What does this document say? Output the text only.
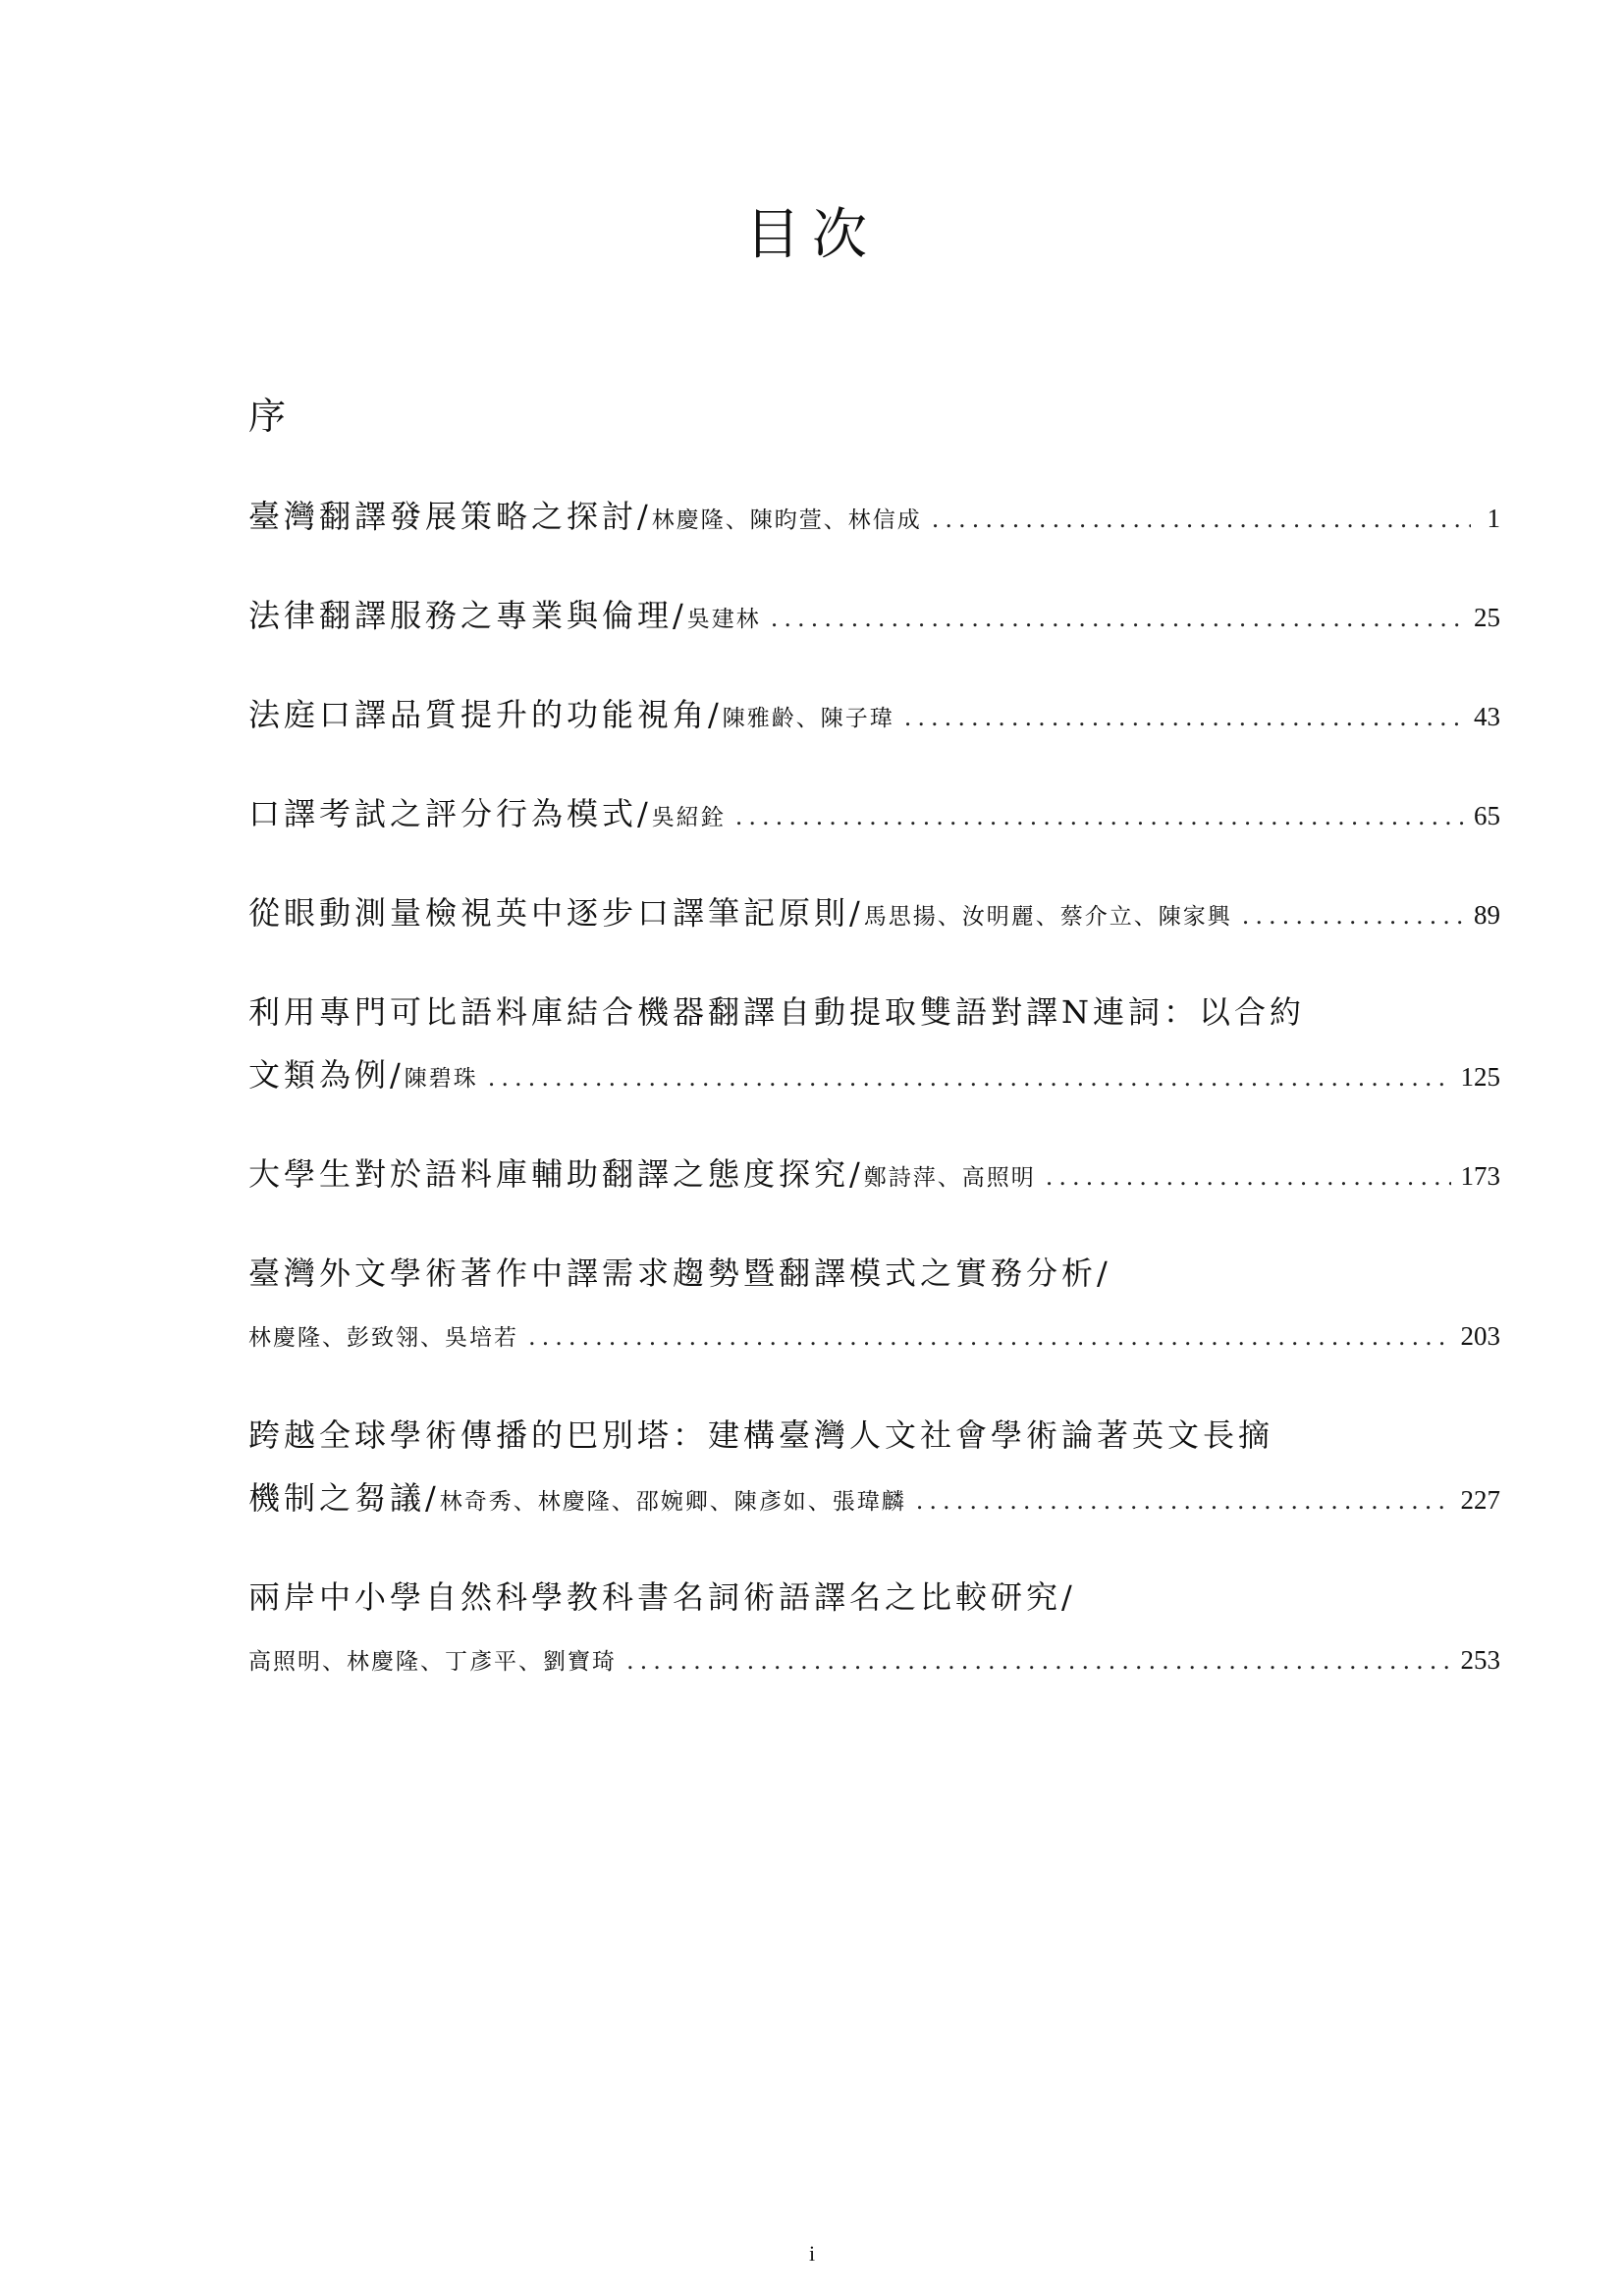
目次
序
臺灣翻譯發展策略之探討/ 林慶隆、陳昀萱、林信成 .....	1
法律翻譯服務之專業與倫理/ 吳建林 .....	25
法庭口譯品質提升的功能視角/ 陳雅齡、陳子瑋 .....	43
口譯考試之評分行為模式/ 吳紹銓 .....	65
從眼動測量檢視英中逐步口譯筆記原則/ 馬思揚、汝明麗、蔡介立、陳家興 .....	89
利用專門可比語料庫結合機器翻譯自動提取雙語對譯N連詞：以合約
文類為例/ 陳碧珠 .....	125
大學生對於語料庫輔助翻譯之態度探究/ 鄭詩萍、高照明 .....	173
臺灣外文學術著作中譯需求趨勢暨翻譯模式之實務分析/
林慶隆、彭致翎、吳培若 .....	203
跨越全球學術傳播的巴別塔：建構臺灣人文社會學術論著英文長摘
機制之芻議/ 林奇秀、林慶隆、邵婉卿、陳彥如、張瑋麟 .....	227
兩岸中小學自然科學教科書名詞術語譯名之比較研究/
高照明、林慶隆、丁彥平、劉寶琦 .....	253
i
